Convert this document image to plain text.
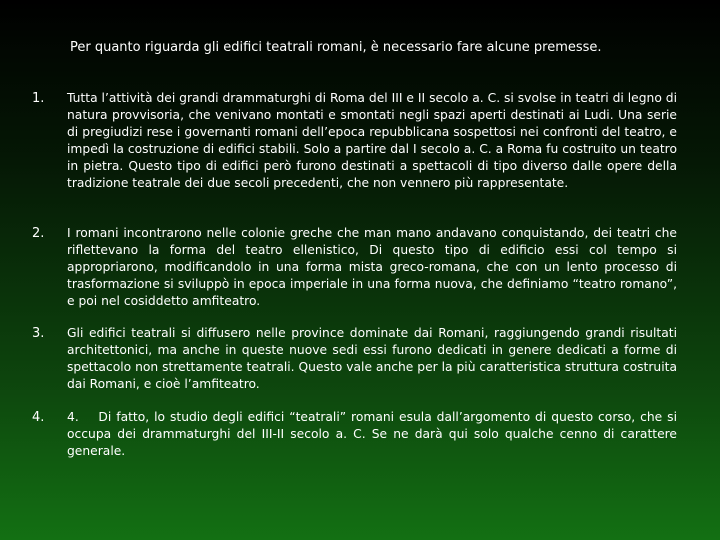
Per quanto riguarda gli edifici teatrali romani, è necessario fare alcune premesse.
1. Tutta l’attività dei grandi drammaturghi di Roma del III e II secolo a. C. si svolse in teatri di legno di natura provvisoria, che venivano montati e smontati negli spazi aperti destinati ai Ludi. Una serie di pregiudizi rese i governanti romani dell’epoca repubblicana sospettosi nei confronti del teatro, e impedì la costruzione di edifici stabili. Solo a partire dal I secolo a. C. a Roma fu costruito un teatro in pietra. Questo tipo di edifici però furono destinati a spettacoli di tipo diverso dalle opere della tradizione teatrale dei due secoli precedenti, che non vennero più rappresentate.
2. I romani incontrarono nelle colonie greche che man mano andavano conquistando, dei teatri che riflettevano la forma del teatro ellenistico, Di questo tipo di edificio essi col tempo si appropriarono, modificandolo in una forma mista greco-romana, che con un lento processo di trasformazione si sviluppò in epoca imperiale in una forma nuova, che definiamo “teatro romano”, e poi nel cosiddetto amfiteatro.
3. Gli edifici teatrali si diffusero nelle province dominate dai Romani, raggiungendo grandi risultati architettonici, ma anche in queste nuove sedi essi furono dedicati in genere dedicati a forme di spettacolo non strettamente teatrali. Questo vale anche per la più caratteristica struttura costruita dai Romani, e cioè l’amfiteatro.
4. 4.    Di fatto, lo studio degli edifici “teatrali” romani esula dall’argomento di questo corso, che si occupa dei drammaturghi del III-II secolo a. C. Se ne darà qui solo qualche cenno di carattere generale.
